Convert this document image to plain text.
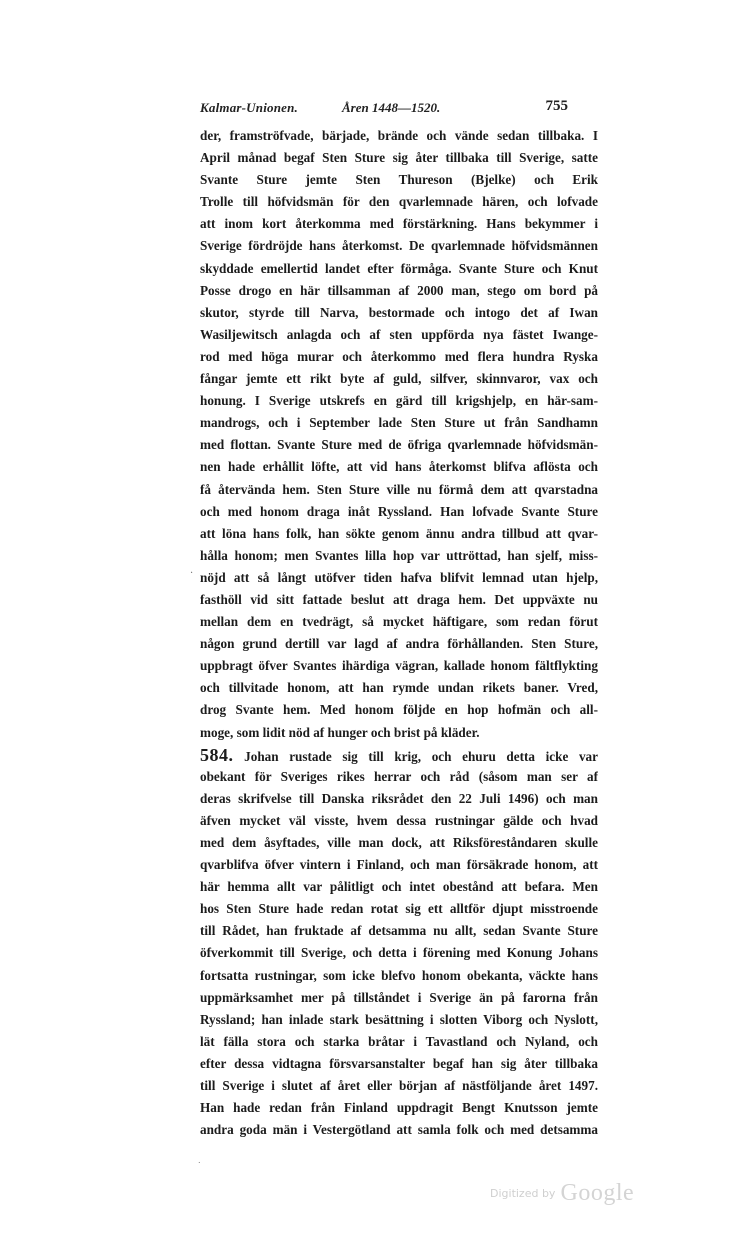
Kalmar-Unionen.	Åren 1448—1520.	755
·
der, framströfvade, bärjade, brände och vände sedan tillbaka. I
April månad begaf Sten Sture sig åter tillbaka till Sverige, satte
Svante Sture jemte Sten Thureson (Bjelke) och Erik
Trolle till höfvidsmän för den qvarlemnade hären, och lofvade
att inom kort återkomma med förstärkning. Hans bekymmer i
Sverige fördröjde hans återkomst. De qvarlemnade höfvidsmännen
skyddade emellertid landet efter förmåga. Svante Sture och Knut
Posse drogo en här tillsamman af 2000 man, stego om bord på
skutor, styrde till Narva, bestormade och intogo det af Iwan
Wasiljewitsch anlagda och af sten uppförda nya fästet Iwange-
rod med höga murar och återkommo med flera hundra Ryska
fångar jemte ett rikt byte af guld, silfver, skinnvaror, vax och
honung. I Sverige utskrefs en gärd till krigshjelp, en här-sam-
mandrogs, och i September lade Sten Sture ut från Sandhamn
med flottan. Svante Sture med de öfriga qvarlemnade höfvidsmän-
nen hade erhållit löfte, att vid hans återkomst blifva aflösta och
få återvända hem. Sten Sture ville nu förmå dem att qvarstadna
och med honom draga inåt Ryssland. Han lofvade Svante Sture
att löna hans folk, han sökte genom ännu andra tillbud att qvar-
hålla honom; men Svantes lilla hop var uttröttad, han sjelf, miss-
nöjd att så långt utöfver tiden hafva blifvit lemnad utan hjelp,
fasthöll vid sitt fattade beslut att draga hem. Det uppväxte nu
mellan dem en tvedrägt, så mycket häftigare, som redan förut
någon grund dertill var lagd af andra förhållanden. Sten Sture,
uppbragt öfver Svantes ihärdiga vägran, kallade honom fältflykting
och tillvitade honom, att han rymde undan rikets baner. Vred,
drog Svante hem. Med honom följde en hop hofmän och all-
moge, som lidit nöd af hunger och brist på kläder.
584. Johan rustade sig till krig, och ehuru detta icke var
obekant för Sveriges rikes herrar och råd (såsom man ser af
deras skrifvelse till Danska riksrådet den 22 Juli 1496) och man
äfven mycket väl visste, hvem dessa rustningar gälde och hvad
med dem åsyftades, ville man dock, att Riksföreståndaren skulle
qvarblifva öfver vintern i Finland, och man försäkrade honom, att
här hemma allt var pålitligt och intet obestånd att befara. Men
hos Sten Sture hade redan rotat sig ett alltför djupt misstroende
till Rådet, han fruktade af detsamma nu allt, sedan Svante Sture
öfverkommit till Sverige, och detta i förening med Konung Johans
fortsatta rustningar, som icke blefvo honom obekanta, väckte hans
uppmärksamhet mer på tillståndet i Sverige än på farorna från
Ryssland; han inlade stark besättning i slotten Viborg och Nyslott,
lät fälla stora och starka bråtar i Tavastland och Nyland, och
efter dessa vidtagna försvarsanstalter begaf han sig åter tillbaka
till Sverige i slutet af året eller början af nästföljande året 1497.
Han hade redan från Finland uppdragit Bengt Knutsson jemte
andra goda män i Vestergötland att samla folk och med detsamma
.
Digitized by Google
